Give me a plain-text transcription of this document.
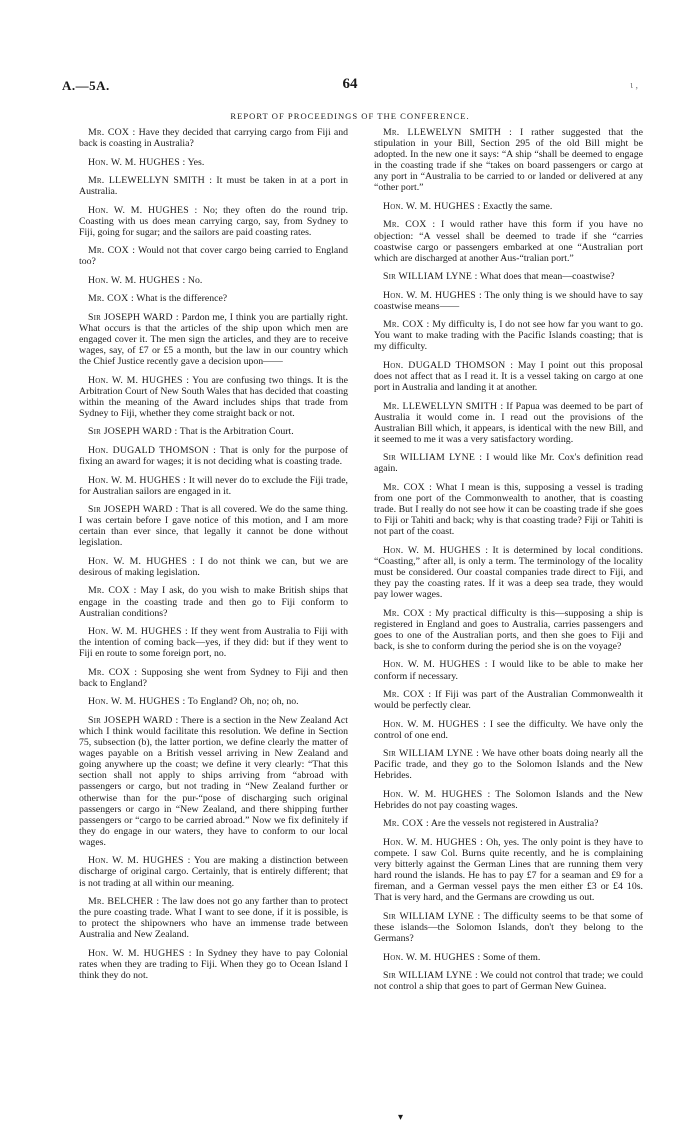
A.—5A.	64	ι ,
REPORT OF PROCEEDINGS OF THE CONFERENCE.

Mr. COX : Have they decided that carrying cargo from Fiji and back is coasting in Australia?

Hon. W. M. HUGHES : Yes.

Mr. LLEWELLYN SMITH : It must be taken in at a port in Australia.

Hon. W. M. HUGHES : No; they often do the round trip. Coasting with us does mean carrying cargo, say, from Sydney to Fiji, going for sugar; and the sailors are paid coasting rates.

Mr. COX : Would not that cover cargo being carried to England too?

Hon. W. M. HUGHES : No.

Mr. COX : What is the difference?

Sir JOSEPH WARD : Pardon me, I think you are partially right. What occurs is that the articles of the ship upon which men are engaged cover it. The men sign the articles, and they are to receive wages, say, of £7 or £5 a month, but the law in our country which the Chief Justice recently gave a decision upon——

Hon. W. M. HUGHES : You are confusing two things. It is the Arbitration Court of New South Wales that has decided that coasting within the meaning of the Award includes ships that trade from Sydney to Fiji, whether they come straight back or not.

Sir JOSEPH WARD : That is the Arbitration Court.

Hon. DUGALD THOMSON : That is only for the purpose of fixing an award for wages; it is not deciding what is coasting trade.

Hon. W. M. HUGHES : It will never do to exclude the Fiji trade, for Australian sailors are engaged in it.

Sir JOSEPH WARD : That is all covered. We do the same thing. I was certain before I gave notice of this motion, and I am more certain than ever since, that legally it cannot be done without legislation.

Hon. W. M. HUGHES : I do not think we can, but we are desirous of making legislation.

Mr. COX : May I ask, do you wish to make British ships that engage in the coasting trade and then go to Fiji conform to Australian conditions?

Hon. W. M. HUGHES : If they went from Australia to Fiji with the intention of coming back—yes, if they did: but if they went to Fiji en route to some foreign port, no.

Mr. COX : Supposing she went from Sydney to Fiji and then back to England?

Hon. W. M. HUGHES : To England? Oh, no; oh, no.

Sir JOSEPH WARD : There is a section in the New Zealand Act which I think would facilitate this resolution. We define in Section 75, subsection (b), the latter portion, we define clearly the matter of wages payable on a British vessel arriving in New Zealand and going anywhere up the coast; we define it very clearly: “That this section shall not apply to ships arriving from “abroad with passengers or cargo, but not trading in “New Zealand further or otherwise than for the pur-“pose of discharging such original passengers or cargo in “New Zealand, and there shipping further passengers or “cargo to be carried abroad.” Now we fix definitely if they do engage in our waters, they have to conform to our local wages.

Hon. W. M. HUGHES : You are making a distinction between discharge of original cargo. Certainly, that is entirely different; that is not trading at all within our meaning.

Mr. BELCHER : The law does not go any farther than to protect the pure coasting trade. What I want to see done, if it is possible, is to protect the shipowners who have an immense trade between Australia and New Zealand.

Hon. W. M. HUGHES : In Sydney they have to pay Colonial rates when they are trading to Fiji. When they go to Ocean Island I think they do not.

Mr. LLEWELYN SMITH : I rather suggested that the stipulation in your Bill, Section 295 of the old Bill might be adopted. In the new one it says: “A ship “shall be deemed to engage in the coasting trade if she “takes on board passengers or cargo at any port in “Australia to be carried to or landed or delivered at any “other port.”

Hon. W. M. HUGHES : Exactly the same.

Mr. COX : I would rather have this form if you have no objection: “A vessel shall be deemed to trade if she “carries coastwise cargo or passengers embarked at one “Australian port which are discharged at another Aus-“tralian port.”

Sir WILLIAM LYNE : What does that mean—coastwise?

Hon. W. M. HUGHES : The only thing is we should have to say coastwise means——

Mr. COX : My difficulty is, I do not see how far you want to go. You want to make trading with the Pacific Islands coasting; that is my difficulty.

Hon. DUGALD THOMSON : May I point out this proposal does not affect that as I read it. It is a vessel taking on cargo at one port in Australia and landing it at another.

Mr. LLEWELLYN SMITH : If Papua was deemed to be part of Australia it would come in. I read out the provisions of the Australian Bill which, it appears, is identical with the new Bill, and it seemed to me it was a very satisfactory wording.

Sir WILLIAM LYNE : I would like Mr. Cox's definition read again.

Mr. COX : What I mean is this, supposing a vessel is trading from one port of the Commonwealth to another, that is coasting trade. But I really do not see how it can be coasting trade if she goes to Fiji or Tahiti and back; why is that coasting trade? Fiji or Tahiti is not part of the coast.

Hon. W. M. HUGHES : It is determined by local conditions. “Coasting,” after all, is only a term. The terminology of the locality must be considered. Our coastal companies trade direct to Fiji, and they pay the coasting rates. If it was a deep sea trade, they would pay lower wages.

Mr. COX : My practical difficulty is this—supposing a ship is registered in England and goes to Australia, carries passengers and goes to one of the Australian ports, and then she goes to Fiji and back, is she to conform during the period she is on the voyage?

Hon. W. M. HUGHES : I would like to be able to make her conform if necessary.

Mr. COX : If Fiji was part of the Australian Commonwealth it would be perfectly clear.

Hon. W. M. HUGHES : I see the difficulty. We have only the control of one end.

Sir WILLIAM LYNE : We have other boats doing nearly all the Pacific trade, and they go to the Solomon Islands and the New Hebrides.

Hon. W. M. HUGHES : The Solomon Islands and the New Hebrides do not pay coasting wages.

Mr. COX : Are the vessels not registered in Australia?

Hon. W. M. HUGHES : Oh, yes. The only point is they have to compete. I saw Col. Burns quite recently, and he is complaining very bitterly against the German Lines that are running them very hard round the islands. He has to pay £7 for a seaman and £9 for a fireman, and a German vessel pays the men either £3 or £4 10s. That is very hard, and the Germans are crowding us out.

Sir WILLIAM LYNE : The difficulty seems to be that some of these islands—the Solomon Islands, don't they belong to the Germans?

Hon. W. M. HUGHES : Some of them.

Sir WILLIAM LYNE : We could not control that trade; we could not control a ship that goes to part of German New Guinea.

▾
